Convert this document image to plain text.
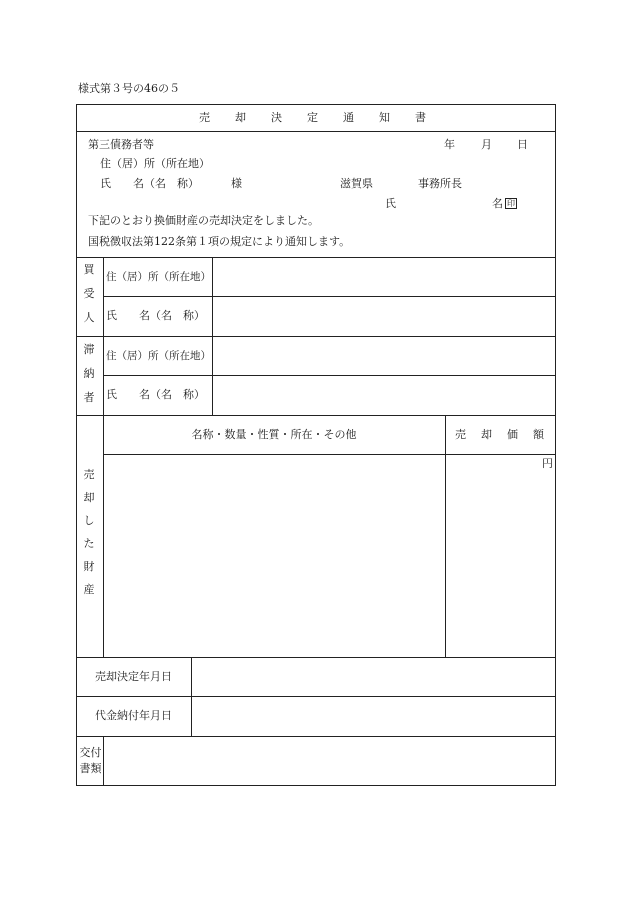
様式第３号の46の５
売　却　決　定　通　知　書
第三債務者等	年 月 日
住（居）所（所在地）
氏　　名（名　称）	様	滋賀県	事務所長
氏	名 印
下記のとおり換価財産の売却決定をしました。
国税徴収法第122条第１項の規定により通知します。
買
受
人
住（居）所（所在地）
氏　　名（名　称）
滞
納
者
住（居）所（所在地）
氏　　名（名　称）
名称・数量・性質・所在・その他	売　却　価　額
円
売
却
し
た
財
産
売却決定年月日
代金納付年月日
交付
書類
